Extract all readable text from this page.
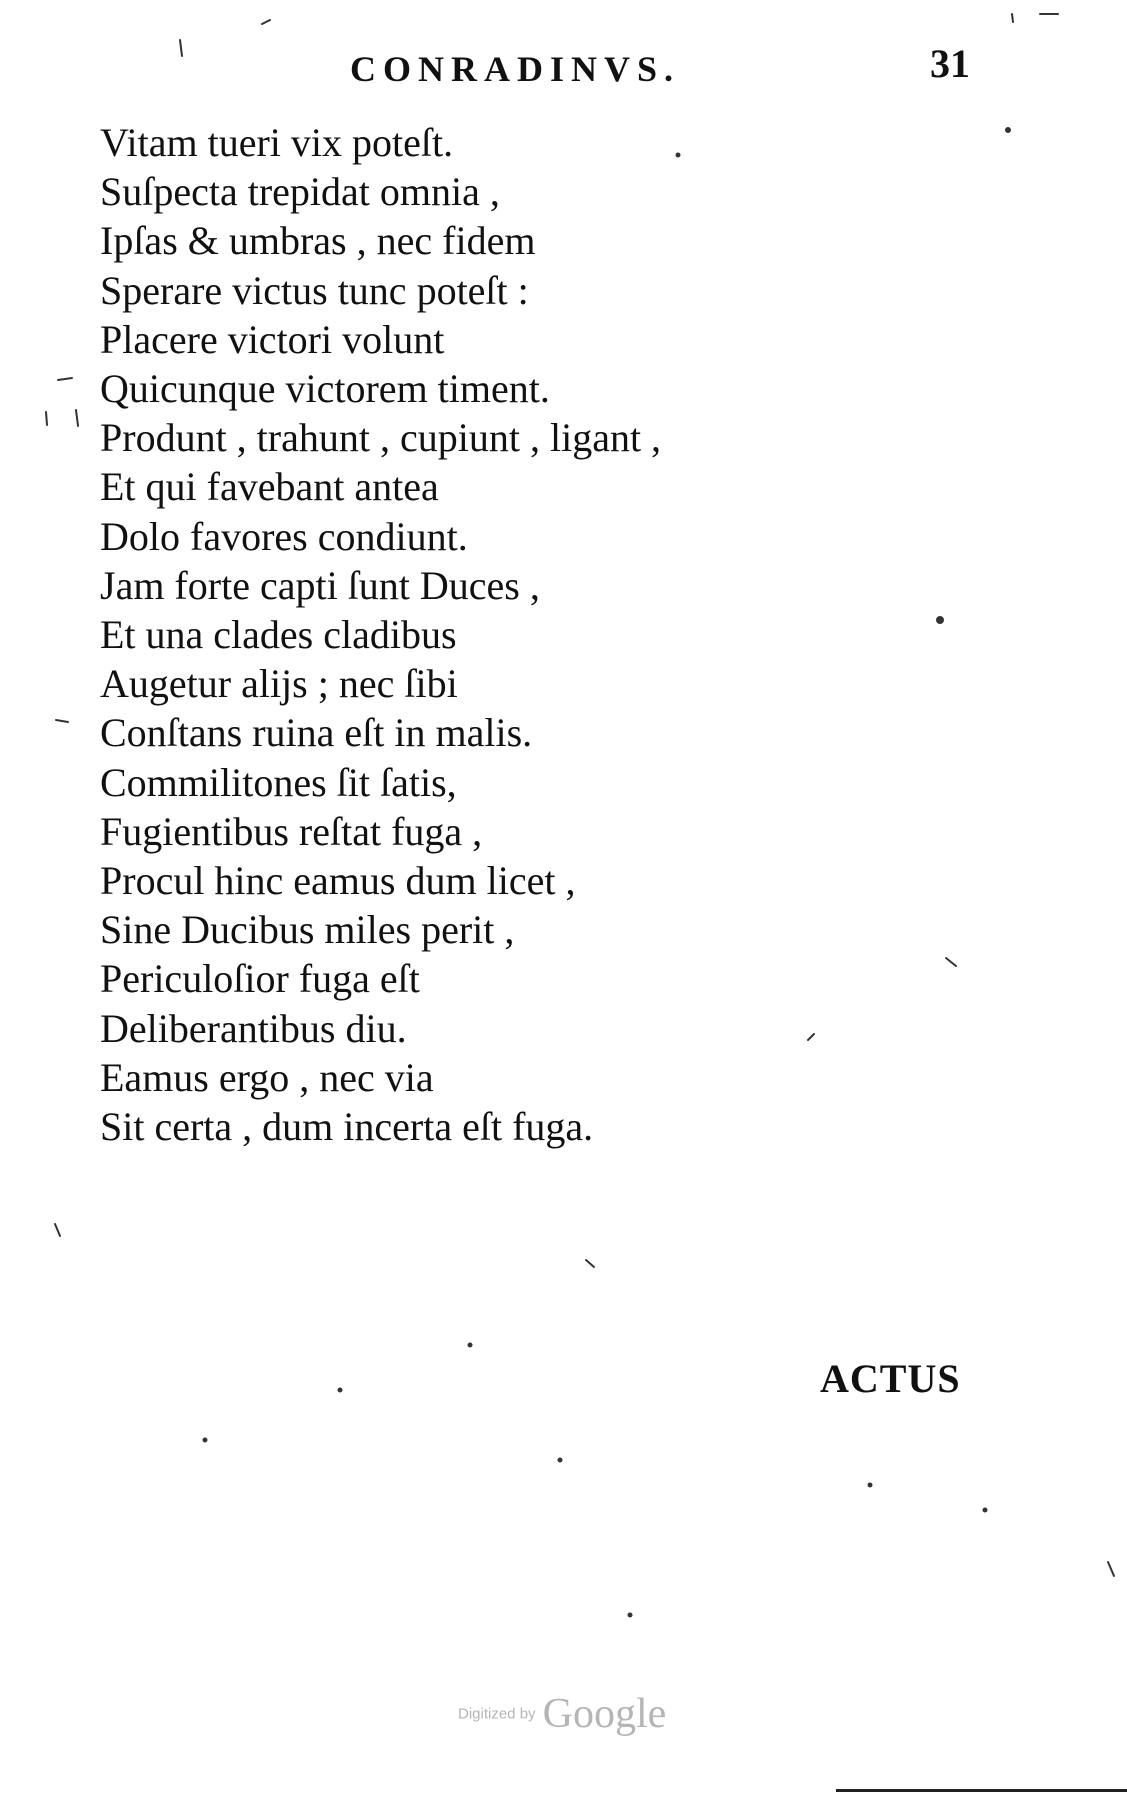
CONRADINVS.	31
Vitam tueri vix poteſt.
Suſpecta trepidat omnia ,
Ipſas & umbras , nec fidem
Sperare victus tunc poteſt :
Placere victori volunt
Quicunque victorem timent.
Produnt , trahunt , cupiunt , ligant ,
Et qui favebant antea
Dolo favores condiunt.
Jam forte capti ſunt Duces ,
Et una clades cladibus
Augetur alijs ; nec ſibi
Conſtans ruina eſt in malis.
Commilitones ſit ſatis,
Fugientibus reſtat fuga ,
Procul hinc eamus dum licet ,
Sine Ducibus miles perit ,
Periculoſior fuga eſt
Deliberantibus diu.
Eamus ergo , nec via
Sit certa , dum incerta eſt fuga.
ACTUS
Digitized by Google
